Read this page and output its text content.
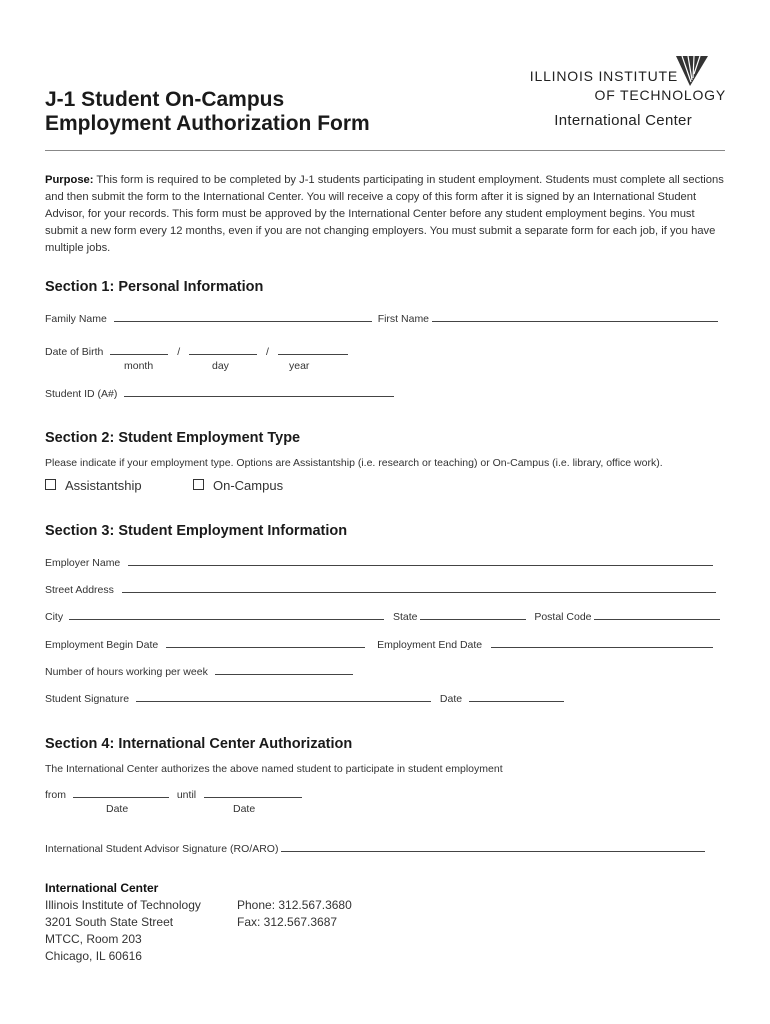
J-1 Student On-Campus
Employment Authorization Form
ILLINOIS INSTITUTE
OF TECHNOLOGY
International Center

Purpose: This form is required to be completed by J-1 students participating in student employment. Students must complete all sections and then submit the form to the International Center. You will receive a copy of this form after it is signed by an International Student Advisor, for your records. This form must be approved by the International Center before any student employment begins. You must submit a new form every 12 months, even if you are not changing employers. You must submit a separate form for each job, if you have multiple jobs.

Section 1: Personal Information
Family Name	First Name
Date of Birth	/	/
month	day	year
Student ID (A#)
Section 2: Student Employment Type
Please indicate if your employment type. Options are Assistantship (i.e. research or teaching) or On-Campus (i.e. library, office work).
Assistantship	On-Campus
Section 3: Student Employment Information
Employer Name
Street Address
City	State	Postal Code
Employment Begin Date	Employment End Date
Number of hours working per week
Student Signature	Date
Section 4: International Center Authorization
The International Center authorizes the above named student to participate in student employment
from	until
Date	Date
International Student Advisor Signature (RO/ARO)
International Center
Illinois Institute of Technology
3201 South State Street
MTCC, Room 203
Chicago, IL 60616
Phone: 312.567.3680
Fax: 312.567.3687
